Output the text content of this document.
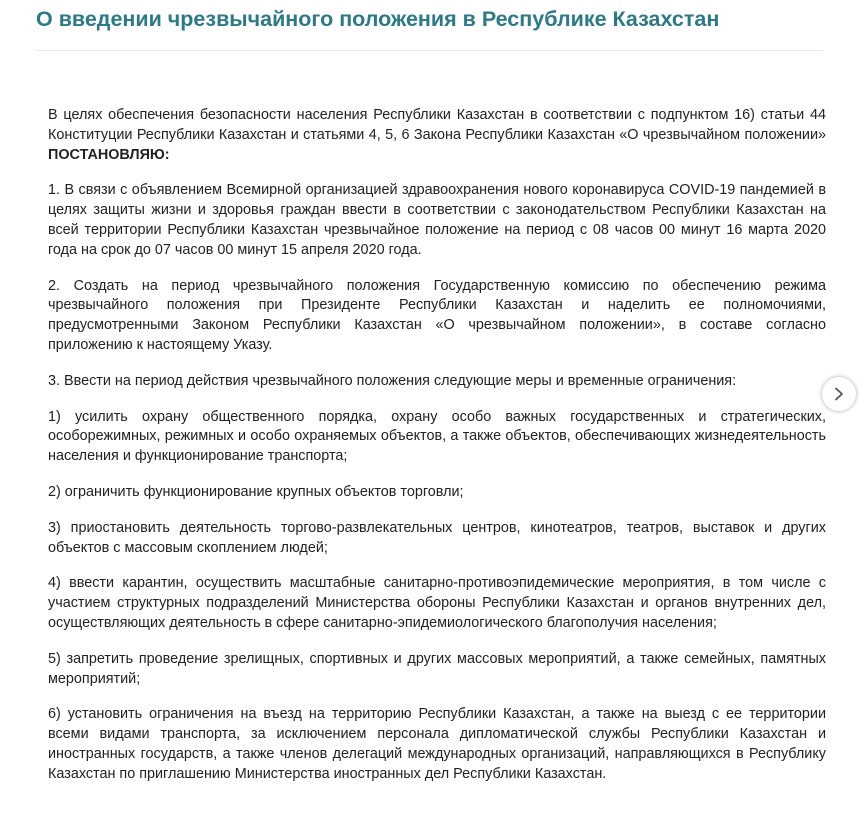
О введении чрезвычайного положения в Республике Казахстан

В целях обеспечения безопасности населения Республики Казахстан в соответствии с подпунктом 16) статьи 44 Конституции Республики Казахстан и статьями 4, 5, 6 Закона Республики Казахстан «О чрезвычайном положении» ПОСТАНОВЛЯЮ:

1. В связи с объявлением Всемирной организацией здравоохранения нового коронавируса COVID-19 пандемией в целях защиты жизни и здоровья граждан ввести в соответствии с законодательством Республики Казахстан на всей территории Республики Казахстан чрезвычайное положение на период с 08 часов 00 минут 16 марта 2020 года на срок до 07 часов 00 минут 15 апреля 2020 года.

2. Создать на период чрезвычайного положения Государственную комиссию по обеспечению режима чрезвычайного положения при Президенте Республики Казахстан и наделить ее полномочиями, предусмотренными Законом Республики Казахстан «О чрезвычайном положении», в составе согласно приложению к настоящему Указу.

3. Ввести на период действия чрезвычайного положения следующие меры и временные ограничения:

1) усилить охрану общественного порядка, охрану особо важных государственных и стратегических, особорежимных, режимных и особо охраняемых объектов, а также объектов, обеспечивающих жизнедеятельность населения и функционирование транспорта;

2) ограничить функционирование крупных объектов торговли;

3) приостановить деятельность торгово-развлекательных центров, кинотеатров, театров, выставок и других объектов с массовым скоплением людей;

4) ввести карантин, осуществить масштабные санитарно-противоэпидемические мероприятия, в том числе с участием структурных подразделений Министерства обороны Республики Казахстан и органов внутренних дел, осуществляющих деятельность в сфере санитарно-эпидемиологического благополучия населения;

5) запретить проведение зрелищных, спортивных и других массовых мероприятий, а также семейных, памятных мероприятий;

6) установить ограничения на въезд на территорию Республики Казахстан, а также на выезд с ее территории всеми видами транспорта, за исключением персонала дипломатической службы Республики Казахстан и иностранных государств, а также членов делегаций международных организаций, направляющихся в Республику Казахстан по приглашению Министерства иностранных дел Республики Казахстан.
